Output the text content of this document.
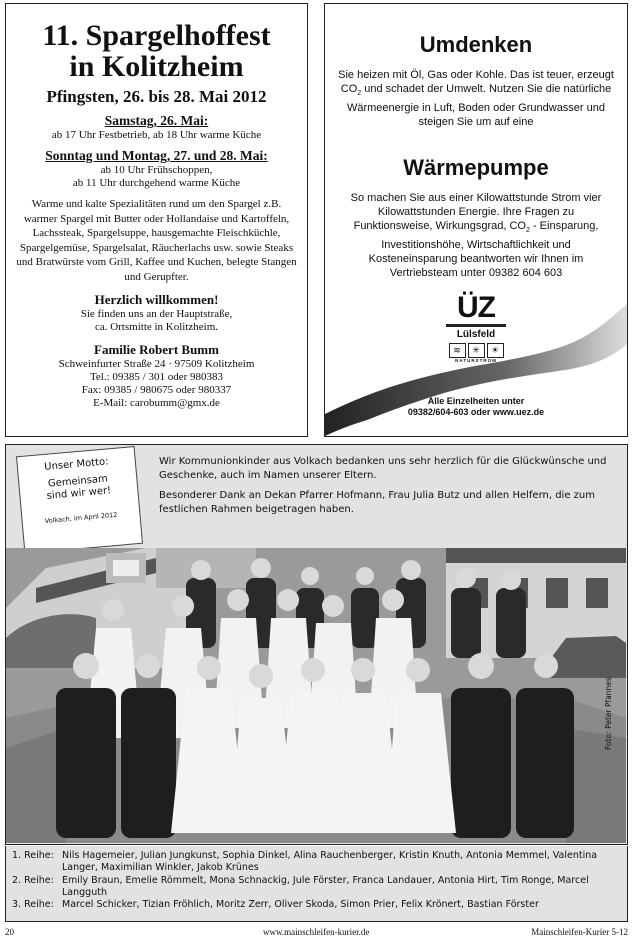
11. Spargelhoffest
in Kolitzheim
Pfingsten, 26. bis 28. Mai 2012
Samstag, 26. Mai:
ab 17 Uhr Festbetrieb, ab 18 Uhr warme Küche
Sonntag und Montag, 27. und 28. Mai:
ab 10 Uhr Frühschoppen,
ab 11 Uhr durchgehend warme Küche
Warme und kalte Spezialitäten rund um den Spargel z.B. warmer Spargel mit Butter oder Hollandaise und Kartoffeln, Lachssteak, Spargelsuppe, hausgemachte Fleischküchle, Spargelgemüse, Spargelsalat, Räucherlachs usw. sowie Steaks und Bratwürste vom Grill, Kaffee und Kuchen, belegte Stangen und Gerupfter.
Herzlich willkommen!
Sie finden uns an der Hauptstraße,
ca. Ortsmitte in Kolitzheim.
Familie Robert Bumm
Schweinfurter Straße 24 · 97509 Kolitzheim
Tel.: 09385 / 301 oder 980383
Fax: 09385 / 980675 oder 980337
E-Mail: carobumm@gmx.de
Umdenken
Sie heizen mit Öl, Gas oder Kohle. Das ist teuer, erzeugt $CO_2$ und schadet der Umwelt. Nutzen Sie die natürliche Wärmeenergie in Luft, Boden oder Grundwasser und steigen Sie um auf eine
Wärmepumpe
So machen Sie aus einer Kilowattstunde Strom vier Kilowattstunden Energie. Ihre Fragen zu Funktionsweise, Wirkungsgrad, $CO_2$ - Einsparung, Investitionshöhe, Wirtschaftlichkeit und Kosteneinsparung beantworten wir Ihnen im Vertriebsteam unter 09382 604 603
ÜZ
Lülsfeld
≋	✳	☀
NATURSTROM
Alle Einzelheiten unter
09382/604-603 oder www.uez.de
Unser Motto:
Gemeinsam
sind wir wer!
Volkach, im April 2012

Wir Kommunionkinder aus Volkach bedanken uns sehr herzlich für die Glückwünsche und Geschenke, auch im Namen unserer Eltern.

Besonderer Dank an Dekan Pfarrer Hofmann, Frau Julia Butz und allen Helfern, die zum festlichen Rahmen beigetragen haben.

Foto: Peter Pfannes
1. Reihe: Nils Hagemeier, Julian Jungkunst, Sophia Dinkel, Alina Rauchenberger, Kristin Knuth, Antonia Memmel, Valentina Langer, Maximilian Winkler, Jakob Krünes
2. Reihe: Emily Braun, Emelie Römmelt, Mona Schnackig, Jule Förster, Franca Landauer, Antonia Hirt, Tim Ronge, Marcel Langguth
3. Reihe: Marcel Schicker, Tizian Fröhlich, Moritz Zerr, Oliver Skoda, Simon Prier, Felix Krönert, Bastian Förster
20	www.mainschleifen-kurier.de	Mainschleifen-Kurier 5-12
